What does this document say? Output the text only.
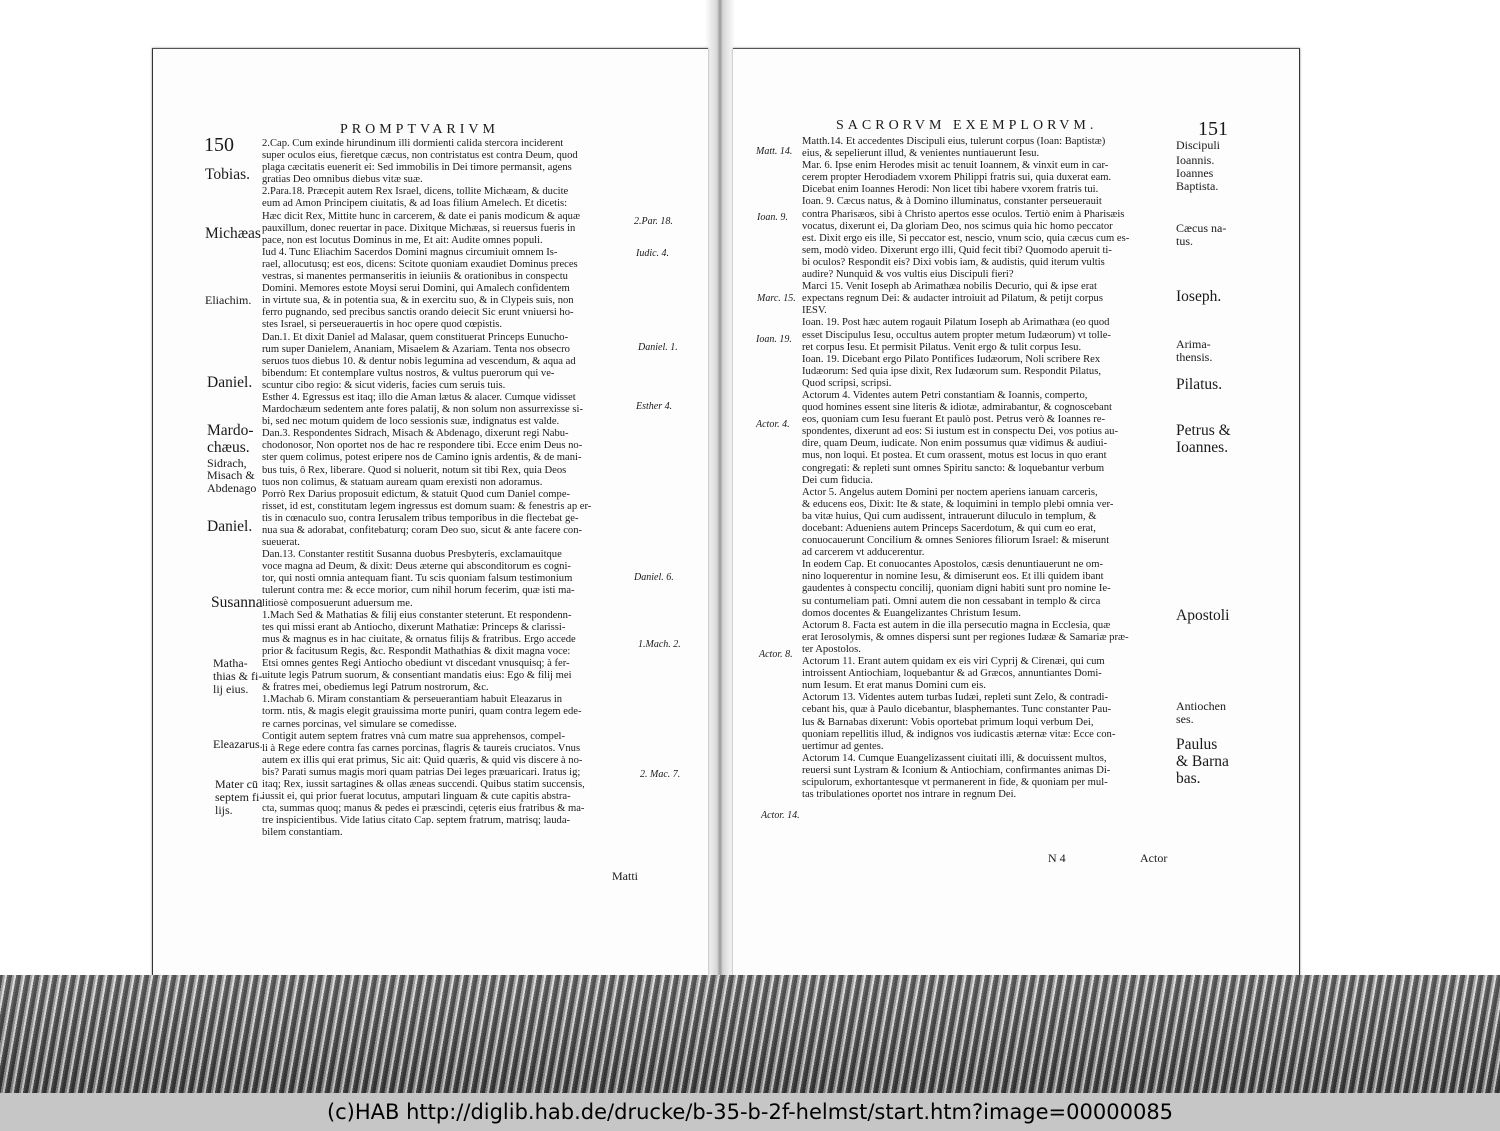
150
PROMPTVARIVM
2.Cap. Cum exinde hirundinum illi dormienti calida stercora inciderent
super oculos eius, fieretque cæcus, non contristatus est contra Deum, quod
plaga cæcitatis euenerit ei: Sed immobilis in Dei timore permansit, agens
gratias Deo omnibus diebus vitæ suæ.
2.Para.18. Præcepit autem Rex Israel, dicens, tollite Michæam, & ducite
eum ad Amon Principem ciuitatis, & ad Ioas filium Amelech. Et dicetis:
Hæc dicit Rex, Mittite hunc in carcerem, & date ei panis modicum & aquæ
pauxillum, donec reuertar in pace. Dixitque Michæas, si reuersus fueris in
pace, non est locutus Dominus in me, Et ait: Audite omnes populi.
Iud 4. Tunc Eliachim Sacerdos Domini magnus circumiuit omnem Is-
rael, allocutusq; est eos, dicens: Scitote quoniam exaudiet Dominus preces
vestras, si manentes permanseritis in ieiuniis & orationibus in conspectu
Domini. Memores estote Moysi serui Domini, qui Amalech confidentem
in virtute sua, & in potentia sua, & in exercitu suo, & in Clypeis suis, non
ferro pugnando, sed precibus sanctis orando deiecit Sic erunt vniuersi ho-
stes Israel, si perseuerauertis in hoc opere quod cœpistis.
Dan.1. Et dixit Daniel ad Malasar, quem constituerat Princeps Eunucho-
rum super Danielem, Ananiam, Misaelem & Azariam. Tenta nos obsecro
seruos tuos diebus 10. & dentur nobis legumina ad vescendum, & aqua ad
bibendum: Et contemplare vultus nostros, & vultus puerorum qui ve-
scuntur cibo regio: & sicut videris, facies cum seruis tuis.
Esther 4. Egressus est itaq; illo die Aman lætus & alacer. Cumque vidisset
Mardochæum sedentem ante fores palatij, & non solum non assurrexisse si-
bi, sed nec motum quidem de loco sessionis suæ, indignatus est valde.
Dan.3. Respondentes Sidrach, Misach & Abdenago, dixerunt regi Nabu-
chodonosor, Non oportet nos de hac re respondere tibi. Ecce enim Deus no-
ster quem colimus, potest eripere nos de Camino ignis ardentis, & de mani-
bus tuis, ô Rex, liberare. Quod si noluerit, notum sit tibi Rex, quia Deos
tuos non colimus, & statuam auream quam erexisti non adoramus.
Porrò Rex Darius proposuit edictum, & statuit Quod cum Daniel compe-
risset, id est, constitutam legem ingressus est domum suam: & fenestris ap er-
tis in cœnaculo suo, contra Ierusalem tribus temporibus in die flectebat ge-
nua sua & adorabat, confitebaturq; coram Deo suo, sicut & ante facere con-
sueuerat.
Dan.13. Constanter restitit Susanna duobus Presbyteris, exclamauitque
voce magna ad Deum, & dixit: Deus æterne qui absconditorum es cogni-
tor, qui nosti omnia antequam fiant. Tu scis quoniam falsum testimonium
tulerunt contra me: & ecce morior, cum nihil horum fecerim, quæ isti ma-
litiosè composuerunt aduersum me.
1.Mach Sed & Mathatias & filij eius constanter steterunt. Et respondenn-
tes qui missi erant ab Antiocho, dixerunt Mathatiæ: Princeps & clarissi-
mus & magnus es in hac ciuitate, & ornatus filijs & fratribus. Ergo accede
prior & facitusum Regis, &c. Respondit Mathathias & dixit magna voce:
Etsi omnes gentes Regi Antiocho obediunt vt discedant vnusquisq; à fer-
uitute legis Patrum suorum, & consentiant mandatis eius: Ego & filij mei
& fratres mei, obediemus legi Patrum nostrorum, &c.
1.Machab 6. Miram constantiam & perseuerantiam habuit Eleazarus in
torm. ntis, & magis elegit grauissima morte puniri, quam contra legem ede-
re carnes porcinas, vel simulare se comedisse.
Contigit autem septem fratres vnà cum matre sua apprehensos, compel-
li à Rege edere contra fas carnes porcinas, flagris & taureis cruciatos. Vnus
autem ex illis qui erat primus, Sic ait: Quid quæris, & quid vis discere à no-
bis? Parati sumus magis mori quam patrias Dei leges præuaricari. Iratus ig;
itaq; Rex, iussit sartagines & ollas æneas succendi. Quibus statim succensis,
iussit ei, qui prior fuerat locutus, amputari linguam & cute capitis abstra-
cta, summas quoq; manus & pedes ei præscindi, cęteris eius fratribus & ma-
tre inspicientibus. Vide latius citato Cap. septem fratrum, matrisq; lauda-
bilem constantiam.
Tobias.
Michæas
Eliachim.
Daniel.
Mardo-
chæus.
Sidrach,
Misach &
Abdenago
Daniel.
Susanna
Matha-
thias & fi-
lij eius.
Eleazarus.
Mater cū
septem fi-
lijs.
2.Par. 18.
Iudic. 4.
Daniel. 1.
Esther 4.
Daniel. 6.
1.Mach. 2.
2. Mac. 7.
Matti
SACRORVM EXEMPLORVM.	151
Matth.14. Et accedentes Discipuli eius, tulerunt corpus (Ioan: Baptistæ)
eius, & sepelierunt illud, & venientes nuntiauerunt Iesu.
Mar. 6. Ipse enim Herodes misit ac tenuit Ioannem, & vinxit eum in car-
cerem propter Herodiadem vxorem Philippi fratris sui, quia duxerat eam.
Dicebat enim Ioannes Herodi: Non licet tibi habere vxorem fratris tui.
Ioan. 9. Cæcus natus, & à Domino illuminatus, constanter perseuerauit
contra Pharisæos, sibi à Christo apertos esse oculos. Tertiò enim à Pharisæis
vocatus, dixerunt ei, Da gloriam Deo, nos scimus quia hic homo peccator
est. Dixit ergo eis ille, Si peccator est, nescio, vnum scio, quia cæcus cum es-
sem, modò video. Dixerunt ergo illi, Quid fecit tibi? Quomodo aperuit ti-
bi oculos? Respondit eis? Dixi vobis iam, & audistis, quid iterum vultis
audire? Nunquid & vos vultis eius Discipuli fieri?
Marci 15. Venit Ioseph ab Arimathæa nobilis Decurio, qui & ipse erat
expectans regnum Dei: & audacter introiuit ad Pilatum, & petijt corpus
IESV.
Ioan. 19. Post hæc autem rogauit Pilatum Ioseph ab Arimathæa (eo quod
esset Discipulus Iesu, occultus autem propter metum Iudæorum) vt tolle-
ret corpus Iesu. Et permisit Pilatus. Venit ergo & tulit corpus Iesu.
Ioan. 19. Dicebant ergo Pilato Pontifices Iudæorum, Noli scribere Rex
Iudæorum: Sed quia ipse dixit, Rex Iudæorum sum. Respondit Pilatus,
Quod scripsi, scripsi.
Actorum 4. Videntes autem Petri constantiam & Ioannis, comperto,
quod homines essent sine literis & idiotæ, admirabantur, & cognoscebant
eos, quoniam cum Iesu fuerant Et paulò post. Petrus verò & Ioannes re-
spondentes, dixerunt ad eos: Si iustum est in conspectu Dei, vos potius au-
dire, quam Deum, iudicate. Non enim possumus quæ vidimus & audiui-
mus, non loqui. Et postea. Et cum orassent, motus est locus in quo erant
congregati: & repleti sunt omnes Spiritu sancto: & loquebantur verbum
Dei cum fiducia.
Actor 5. Angelus autem Domini per noctem aperiens ianuam carceris,
& educens eos, Dixit: Ite & state, & loquimini in templo plebi omnia ver-
ba vitæ huius, Qui cum audissent, intrauerunt diluculo in templum, &
docebant: Adueniens autem Princeps Sacerdotum, & qui cum eo erat,
conuocauerunt Concilium & omnes Seniores filiorum Israel: & miserunt
ad carcerem vt adducerentur.
In eodem Cap. Et conuocantes Apostolos, cæsis denuntiauerunt ne om-
nino loquerentur in nomine Iesu, & dimiserunt eos. Et illi quidem ibant
gaudentes à conspectu concilij, quoniam digni habiti sunt pro nomine Ie-
su contumeliam pati. Omni autem die non cessabant in templo & circa
domos docentes & Euangelizantes Christum Iesum.
Actorum 8. Facta est autem in die illa persecutio magna in Ecclesia, quæ
erat Ierosolymis, & omnes dispersi sunt per regiones Iudææ & Samariæ præ-
ter Apostolos.
Actorum 11. Erant autem quidam ex eis viri Cyprij & Cirenæi, qui cum
introissent Antiochiam, loquebantur & ad Græcos, annuntiantes Domi-
num Iesum. Et erat manus Domini cum eis.
Actorum 13. Videntes autem turbas Iudæi, repleti sunt Zelo, & contradi-
cebant his, quæ à Paulo dicebantur, blasphemantes. Tunc constanter Pau-
lus & Barnabas dixerunt: Vobis oportebat primum loqui verbum Dei,
quoniam repellitis illud, & indignos vos iudicastis æternæ vitæ: Ecce con-
uertimur ad gentes.
Actorum 14. Cumque Euangelizassent ciuitati illi, & docuissent multos,
reuersi sunt Lystram & Iconium & Antiochiam, confirmantes animas Di-
scipulorum, exhortantesque vt permanerent in fide, & quoniam per mul-
tas tribulationes oportet nos intrare in regnum Dei.
Matt. 14.
Ioan. 9.
Marc. 15.
Ioan. 19.
Actor. 4.
Actor. 8.
Actor. 14.
Discipuli
Ioannis.
Ioannes
Baptista.
Cæcus na-
tus.
Ioseph.
Arima-
thensis.
Pilatus.
Petrus &
Ioannes.
Apostoli
Antiochen
ses.
Paulus
& Barna
bas.
N 4	Actor
(c)HAB http://diglib.hab.de/drucke/b-35-b-2f-helmst/start.htm?image=00000085
